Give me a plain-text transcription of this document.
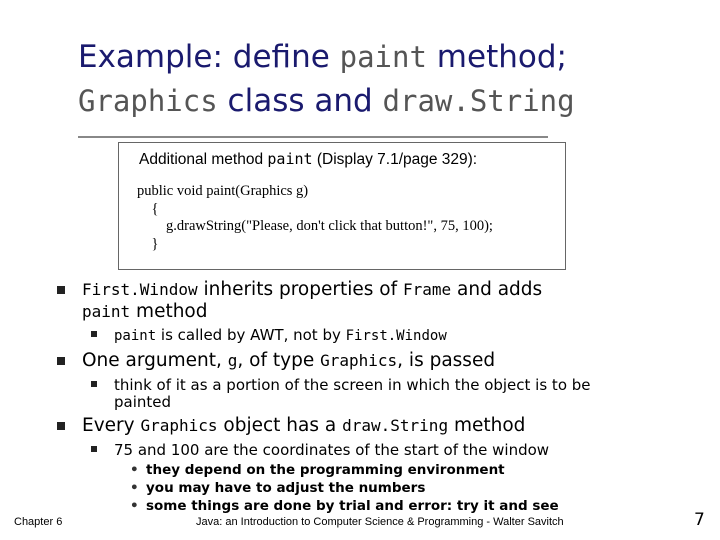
Example: define paint method;
Graphics class and draw.String
Additional method paint (Display 7.1/page 329):
public void paint(Graphics g)
{
g.drawString("Please, don't click that button!", 75, 100);
}
First.Window inherits properties of Frame and adds
paint method
paint is called by AWT, not by First.Window
One argument, g, of type Graphics, is passed
think of it as a portion of the screen in which the object is to be
painted
Every Graphics object has a draw.String method
75 and 100 are the coordinates of the start of the window
• they depend on the programming environment
• you may have to adjust the numbers
• some things are done by trial and error: try it and see
Chapter 6	Java: an Introduction to Computer Science & Programming - Walter Savitch	7
